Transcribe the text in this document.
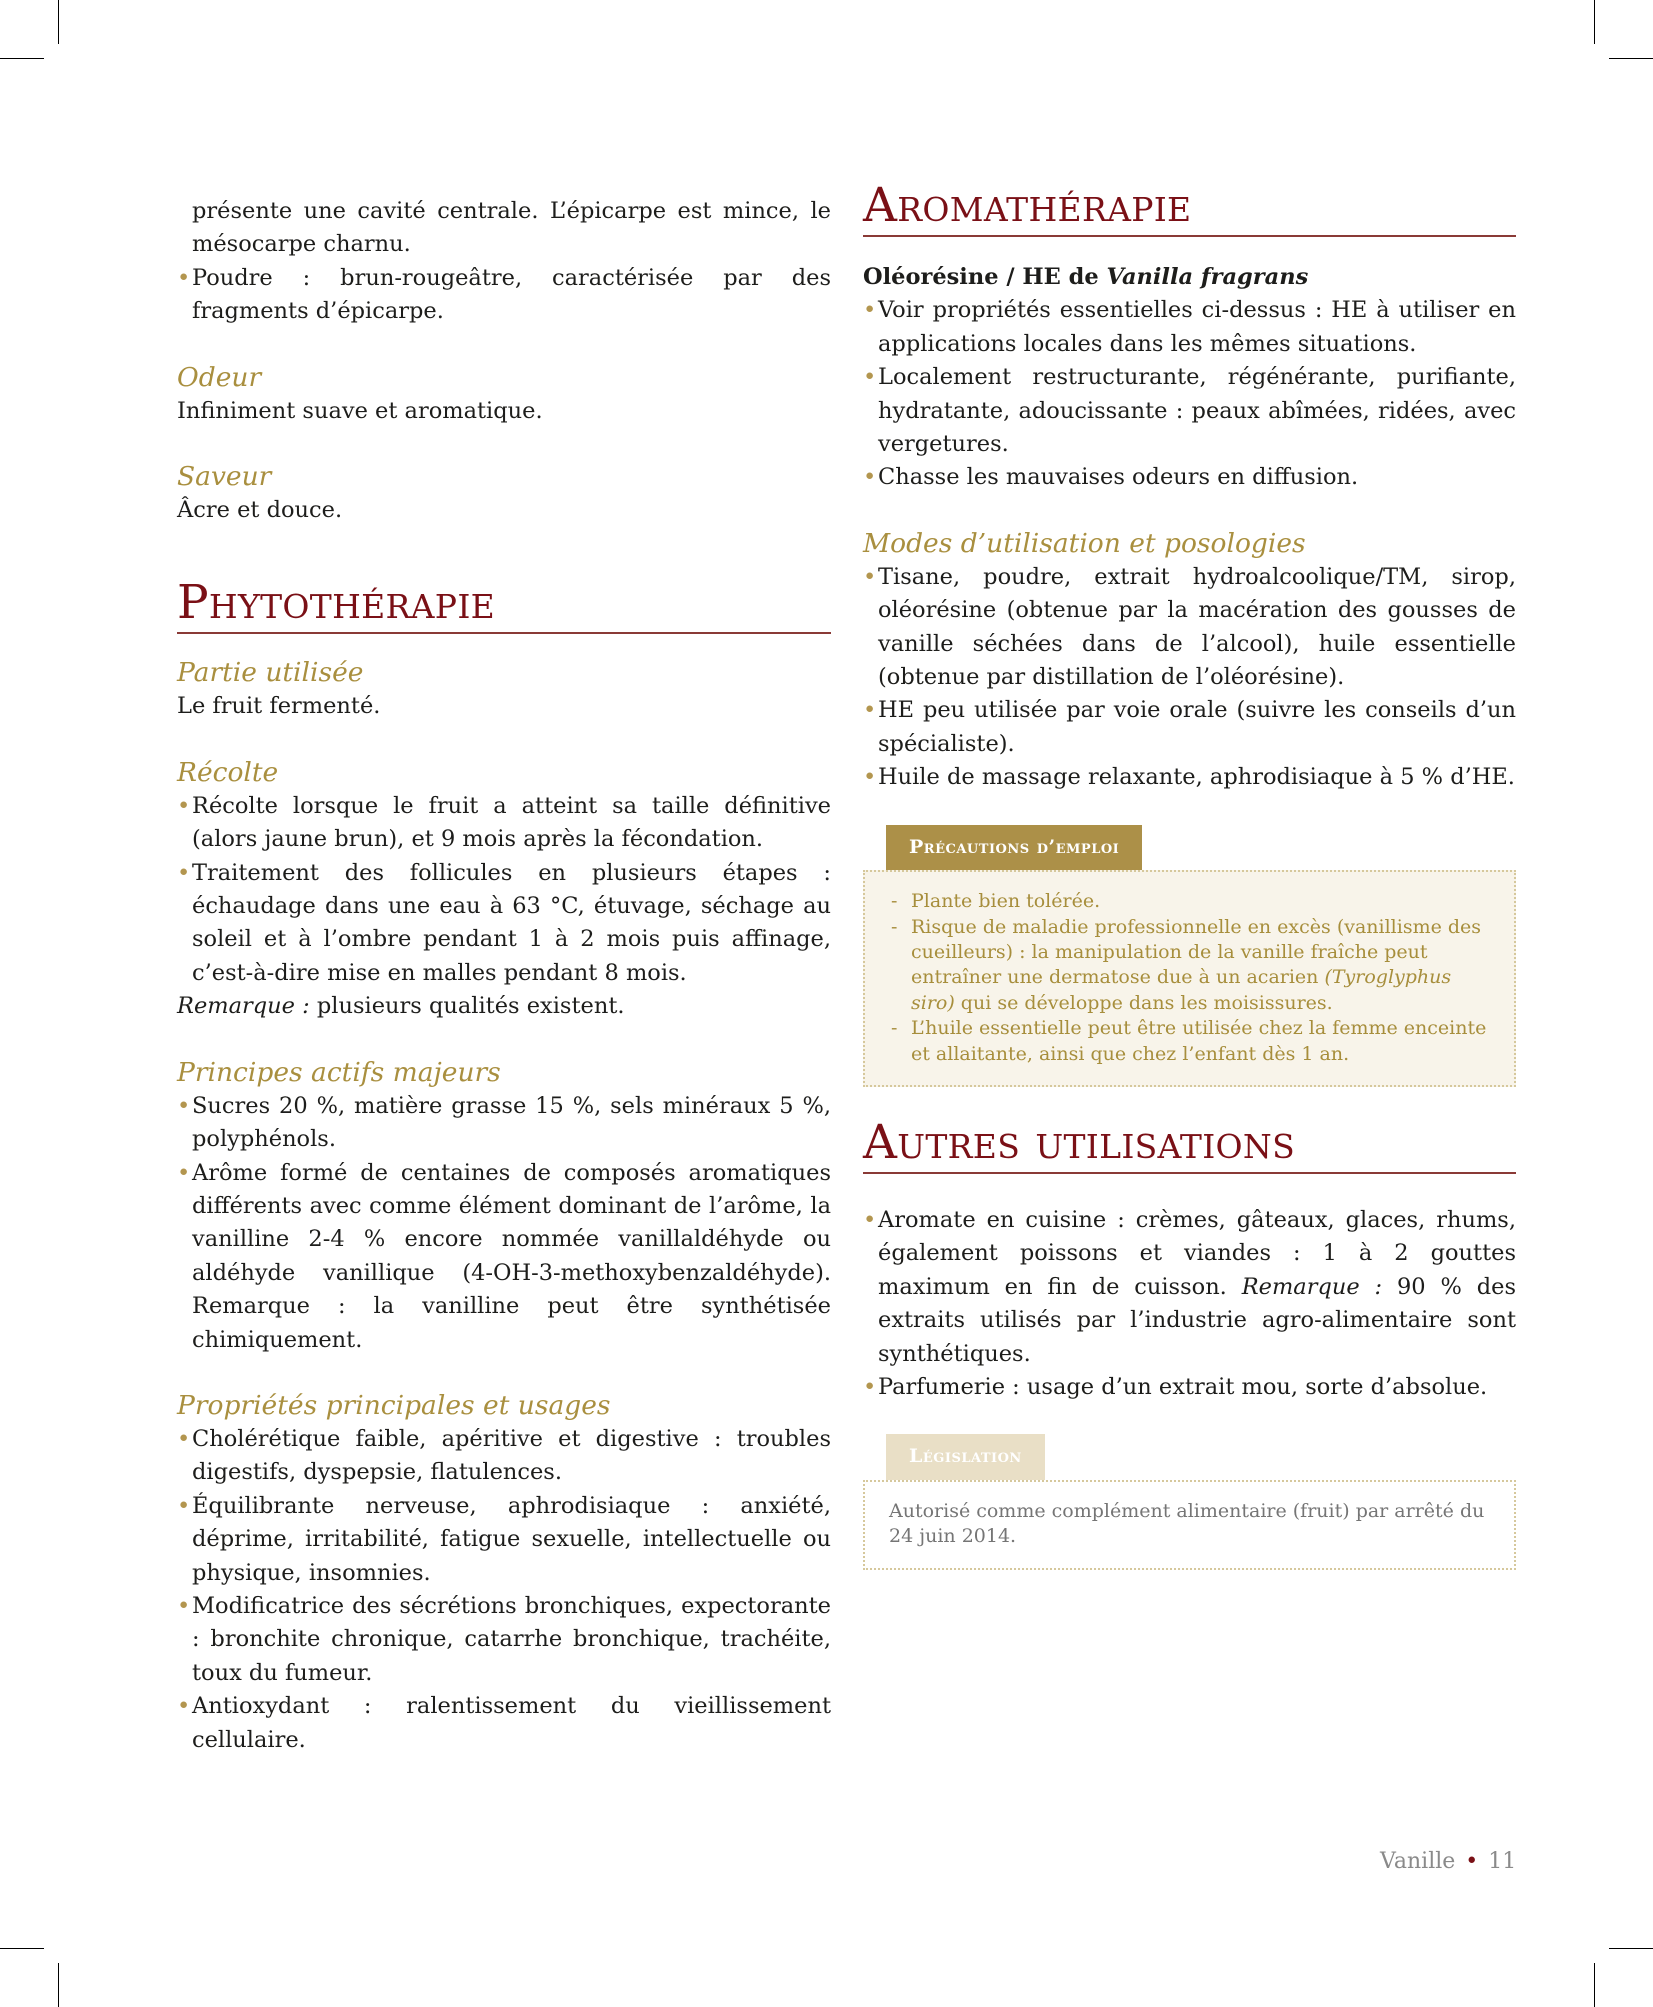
présente une cavité centrale. L’épicarpe est mince, le mésocarpe charnu.

• Poudre : brun-rougeâtre, caractérisée par des fragments d’épicarpe.
Odeur

Infiniment suave et aromatique.

Saveur

Âcre et douce.

Phytothérapie
Partie utilisée

Le fruit fermenté.

Récolte
• Récolte lorsque le fruit a atteint sa taille définitive (alors jaune brun), et 9 mois après la fécondation.
• Traitement des follicules en plusieurs étapes : échaudage dans une eau à 63 °C, étuvage, séchage au soleil et à l’ombre pendant 1 à 2 mois puis affinage, c’est-à-dire mise en malles pendant 8 mois.

Remarque : plusieurs qualités existent.

Principes actifs majeurs
• Sucres 20 %, matière grasse 15 %, sels minéraux 5 %, polyphénols.
• Arôme formé de centaines de composés aromatiques différents avec comme élément dominant de l’arôme, la vanilline 2-4 % encore nommée vanillaldéhyde ou aldéhyde vanillique (4-OH-3-methoxybenzaldéhyde). Remarque : la vanilline peut être synthétisée chimiquement.
Propriétés principales et usages
• Cholérétique faible, apéritive et digestive : troubles digestifs, dyspepsie, flatulences.
• Équilibrante nerveuse, aphrodisiaque : anxiété, déprime, irritabilité, fatigue sexuelle, intellectuelle ou physique, insomnies.
• Modificatrice des sécrétions bronchiques, expectorante : bronchite chronique, catarrhe bronchique, trachéite, toux du fumeur.
• Antioxydant : ralentissement du vieillissement cellulaire.
Aromathérapie

Oléorésine / HE de Vanilla fragrans

• Voir propriétés essentielles ci-dessus : HE à utiliser en applications locales dans les mêmes situations.
• Localement restructurante, régénérante, purifiante, hydratante, adoucissante : peaux abîmées, ridées, avec vergetures.
• Chasse les mauvaises odeurs en diffusion.
Modes d’utilisation et posologies
• Tisane, poudre, extrait hydroalcoolique/TM, sirop, oléorésine (obtenue par la macération des gousses de vanille séchées dans de l’alcool), huile essentielle (obtenue par distillation de l’oléorésine).
• HE peu utilisée par voie orale (suivre les conseils d’un spécialiste).
• Huile de massage relaxante, aphrodisiaque à 5 % d’HE.
Précautions d’emploi
- Plante bien tolérée.
- Risque de maladie professionnelle en excès (vanillisme des cueilleurs) : la manipulation de la vanille fraîche peut entraîner une dermatose due à un acarien (Tyroglyphus siro) qui se développe dans les moisissures.
- L’huile essentielle peut être utilisée chez la femme enceinte et allaitante, ainsi que chez l’enfant dès 1 an.
Autres utilisations
• Aromate en cuisine : crèmes, gâteaux, glaces, rhums, également poissons et viandes : 1 à 2 gouttes maximum en fin de cuisson. Remarque : 90 % des extraits utilisés par l’industrie agro-alimentaire sont synthétiques.
• Parfumerie : usage d’un extrait mou, sorte d’absolue.
Législation

Autorisé comme complément alimentaire (fruit) par arrêté du 24 juin 2014.

Vanille • 11
